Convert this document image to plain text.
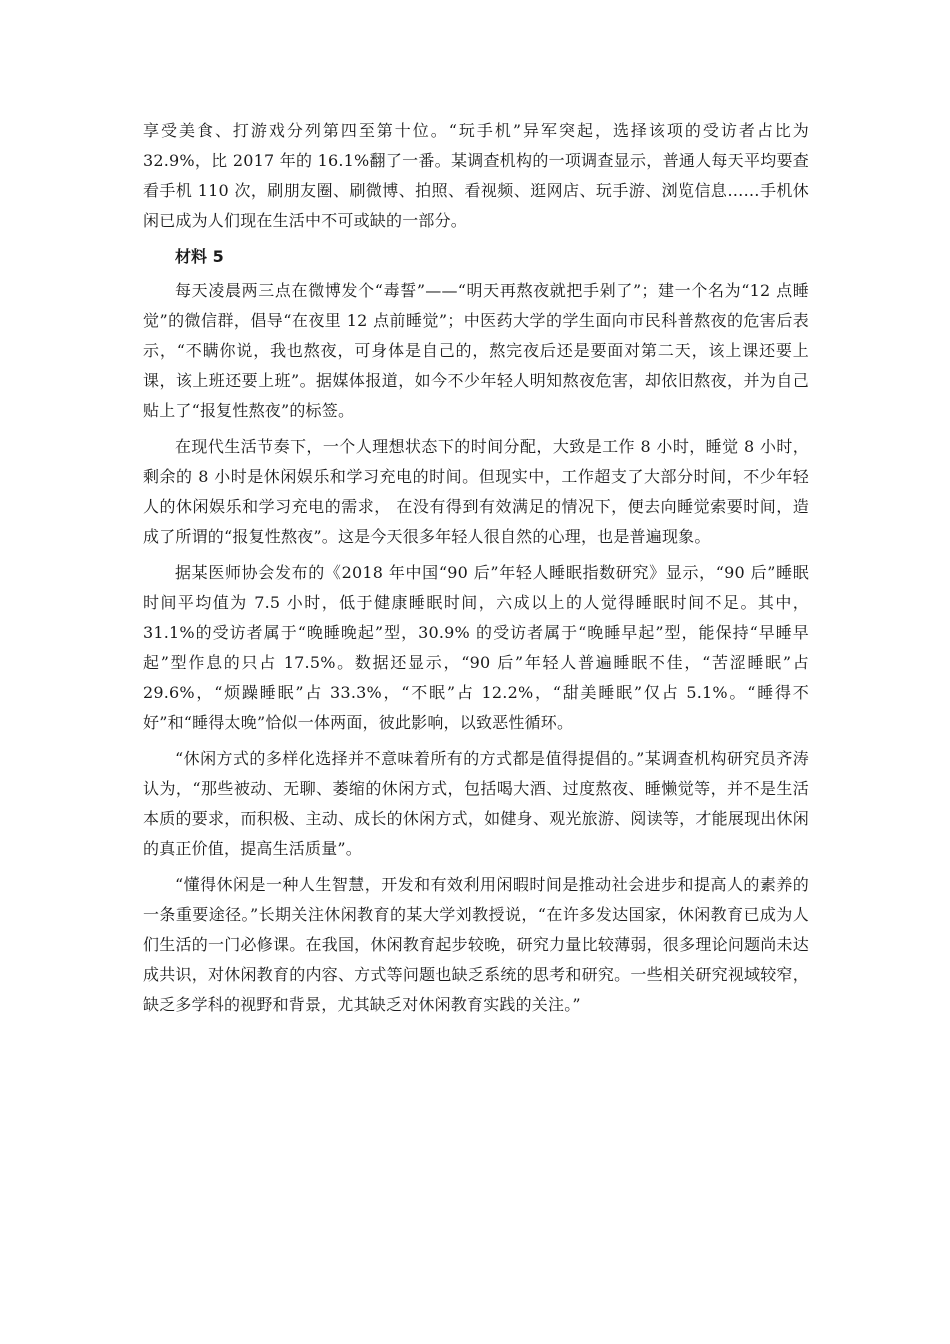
享受美食、打游戏分列第四至第十位。“玩手机”异军突起，选择该项的受访者占比为 32.9%，比 2017 年的 16.1%翻了一番。某调查机构的一项调查显示，普通人每天平均要查看手机 110 次，刷朋友圈、刷微博、拍照、看视频、逛网店、玩手游、浏览信息……手机休闲已成为人们现在生活中不可或缺的一部分。

材料 5

每天凌晨两三点在微博发个“毒誓”——“明天再熬夜就把手剁了”；建一个名为“12 点睡觉”的微信群，倡导“在夜里 12 点前睡觉”；中医药大学的学生面向市民科普熬夜的危害后表示，“不瞒你说，我也熬夜，可身体是自己的，熬完夜后还是要面对第二天，该上课还要上课，该上班还要上班”。据媒体报道，如今不少年轻人明知熬夜危害，却依旧熬夜，并为自己贴上了“报复性熬夜”的标签。

在现代生活节奏下，一个人理想状态下的时间分配，大致是工作 8 小时，睡觉 8 小时，剩余的 8 小时是休闲娱乐和学习充电的时间。但现实中，工作超支了大部分时间，不少年轻人的休闲娱乐和学习充电的需求， 在没有得到有效满足的情况下，便去向睡觉索要时间，造成了所谓的“报复性熬夜”。这是今天很多年轻人很自然的心理，也是普遍现象。

据某医师协会发布的《2018 年中国“90 后”年轻人睡眠指数研究》显示，“90 后”睡眠时间平均值为 7.5 小时，低于健康睡眠时间，六成以上的人觉得睡眠时间不足。其中，31.1%的受访者属于“晚睡晚起”型，30.9% 的受访者属于“晚睡早起”型，能保持“早睡早起”型作息的只占 17.5%。数据还显示，“90 后”年轻人普遍睡眠不佳，“苦涩睡眠”占 29.6%，“烦躁睡眠”占 33.3%，“不眠”占 12.2%，“甜美睡眠”仅占 5.1%。“睡得不好”和“睡得太晚”恰似一体两面，彼此影响，以致恶性循环。

“休闲方式的多样化选择并不意味着所有的方式都是值得提倡的。”某调查机构研究员齐涛认为，“那些被动、无聊、萎缩的休闲方式，包括喝大酒、过度熬夜、睡懒觉等，并不是生活本质的要求，而积极、主动、成长的休闲方式，如健身、观光旅游、阅读等，才能展现出休闲的真正价值，提高生活质量”。

“懂得休闲是一种人生智慧，开发和有效利用闲暇时间是推动社会进步和提高人的素养的一条重要途径。”长期关注休闲教育的某大学刘教授说，“在许多发达国家，休闲教育已成为人们生活的一门必修课。在我国，休闲教育起步较晚，研究力量比较薄弱，很多理论问题尚未达成共识，对休闲教育的内容、方式等问题也缺乏系统的思考和研究。一些相关研究视域较窄，缺乏多学科的视野和背景，尤其缺乏对休闲教育实践的关注。”
